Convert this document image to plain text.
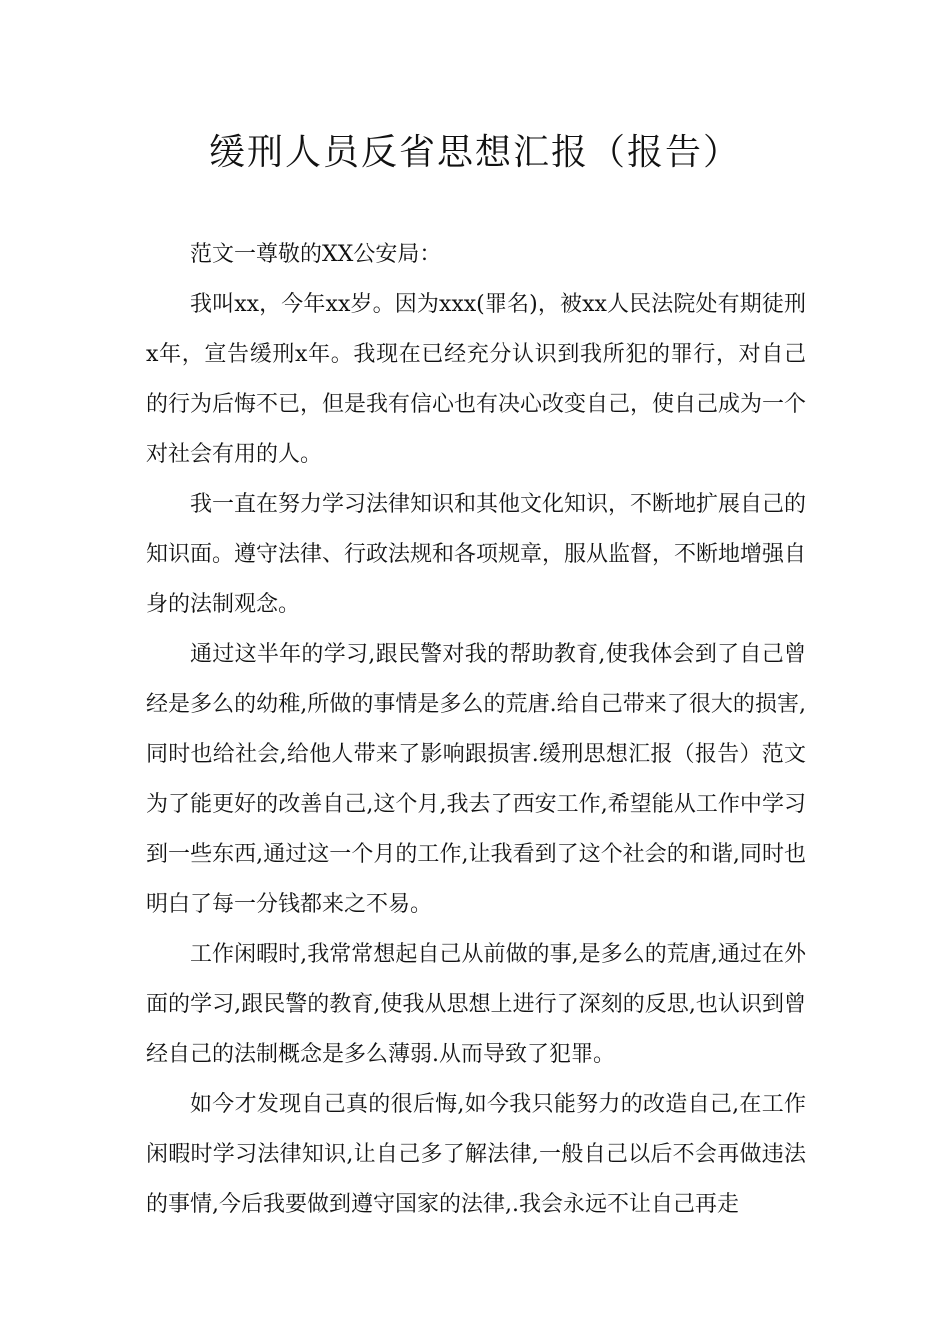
缓刑人员反省思想汇报（报告）

范文一尊敬的XX公安局：

我叫xx，今年xx岁。因为xxx(罪名)，被xx人民法院处有期徒刑x年，宣告缓刑x年。我现在已经充分认识到我所犯的罪行，对自己的行为后悔不已，但是我有信心也有决心改变自己，使自己成为一个对社会有用的人。

我一直在努力学习法律知识和其他文化知识，不断地扩展自己的知识面。遵守法律、行政法规和各项规章，服从监督，不断地增强自身的法制观念。

通过这半年的学习,跟民警对我的帮助教育,使我体会到了自己曾经是多么的幼稚,所做的事情是多么的荒唐.给自己带来了很大的损害,同时也给社会,给他人带来了影响跟损害.缓刑思想汇报（报告）范文为了能更好的改善自己,这个月,我去了西安工作,希望能从工作中学习到一些东西,通过这一个月的工作,让我看到了这个社会的和谐,同时也明白了每一分钱都来之不易。

工作闲暇时,我常常想起自己从前做的事,是多么的荒唐,通过在外面的学习,跟民警的教育,使我从思想上进行了深刻的反思,也认识到曾经自己的法制概念是多么薄弱.从而导致了犯罪。

如今才发现自己真的很后悔,如今我只能努力的改造自己,在工作闲暇时学习法律知识,让自己多了解法律,一般自己以后不会再做违法的事情,今后我要做到遵守国家的法律,.我会永远不让自己再走
